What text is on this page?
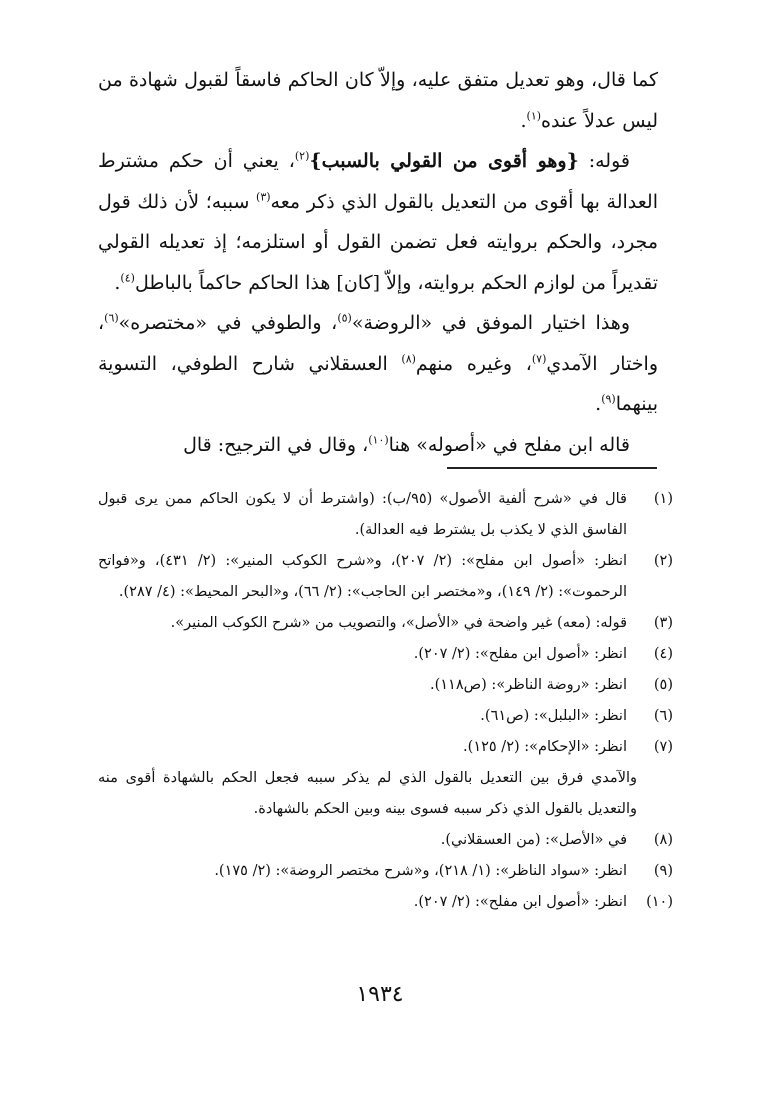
كما قال، وهو تعديل متفق عليه، وإلاّ كان الحاكم فاسقاً لقبول شهادة من ليس عدلاً عنده$^{(١)}$.

قوله: {وهو أقوى من القولي بالسبب}$^{(٢)}$، يعني أن حكم مشترط العدالة بها أقوى من التعديل بالقول الذي ذكر معه$^{(٣)}$ سببه؛ لأن ذلك قول مجرد، والحكم بروايته فعل تضمن القول أو استلزمه؛ إذ تعديله القولي تقديراً من لوازم الحكم بروايته، وإلاّ [كان] هذا الحاكم حاكماً بالباطل$^{(٤)}$.

وهذا اختيار الموفق في «الروضة»$^{(٥)}$، والطوفي في «مختصره»$^{(٦)}$، واختار الآمدي$^{(٧)}$، وغيره منهم$^{(٨)}$ العسقلاني شارح الطوفي، التسوية بينهما$^{(٩)}$.

قاله ابن مفلح في «أصوله» هنا$^{(١٠)}$، وقال في الترجيح: قال

(١)
قال في «شرح ألفية الأصول» (٩٥/ب): (واشترط أن لا يكون الحاكم ممن يرى قبول الفاسق الذي لا يكذب بل يشترط فيه العدالة).
(٢)
انظر: «أصول ابن مفلح»: (٢/ ٢٠٧)، و«شرح الكوكب المنير»: (٢/ ٤٣١)، و«فواتح الرحموت»: (٢/ ١٤٩)، و«مختصر ابن الحاجب»: (٢/ ٦٦)، و«البحر المحيط»: (٤/ ٢٨٧).
(٣)
قوله: (معه) غير واضحة في «الأصل»، والتصويب من «شرح الكوكب المنير».
(٤)
انظر: «أصول ابن مفلح»: (٢/ ٢٠٧).
(٥)
انظر: «روضة الناظر»: (ص١١٨).
(٦)
انظر: «البلبل»: (ص٦١).
(٧)
انظر: «الإحكام»: (٢/ ١٢٥).
والآمدي فرق بين التعديل بالقول الذي لم يذكر سببه فجعل الحكم بالشهادة أقوى منه والتعديل بالقول الذي ذكر سببه فسوى بينه وبين الحكم بالشهادة.
(٨)
في «الأصل»: (من العسقلاني).
(٩)
انظر: «سواد الناظر»: (١/ ٢١٨)، و«شرح مختصر الروضة»: (٢/ ١٧٥).
(١٠)
انظر: «أصول ابن مفلح»: (٢/ ٢٠٧).
١٩٣٤
